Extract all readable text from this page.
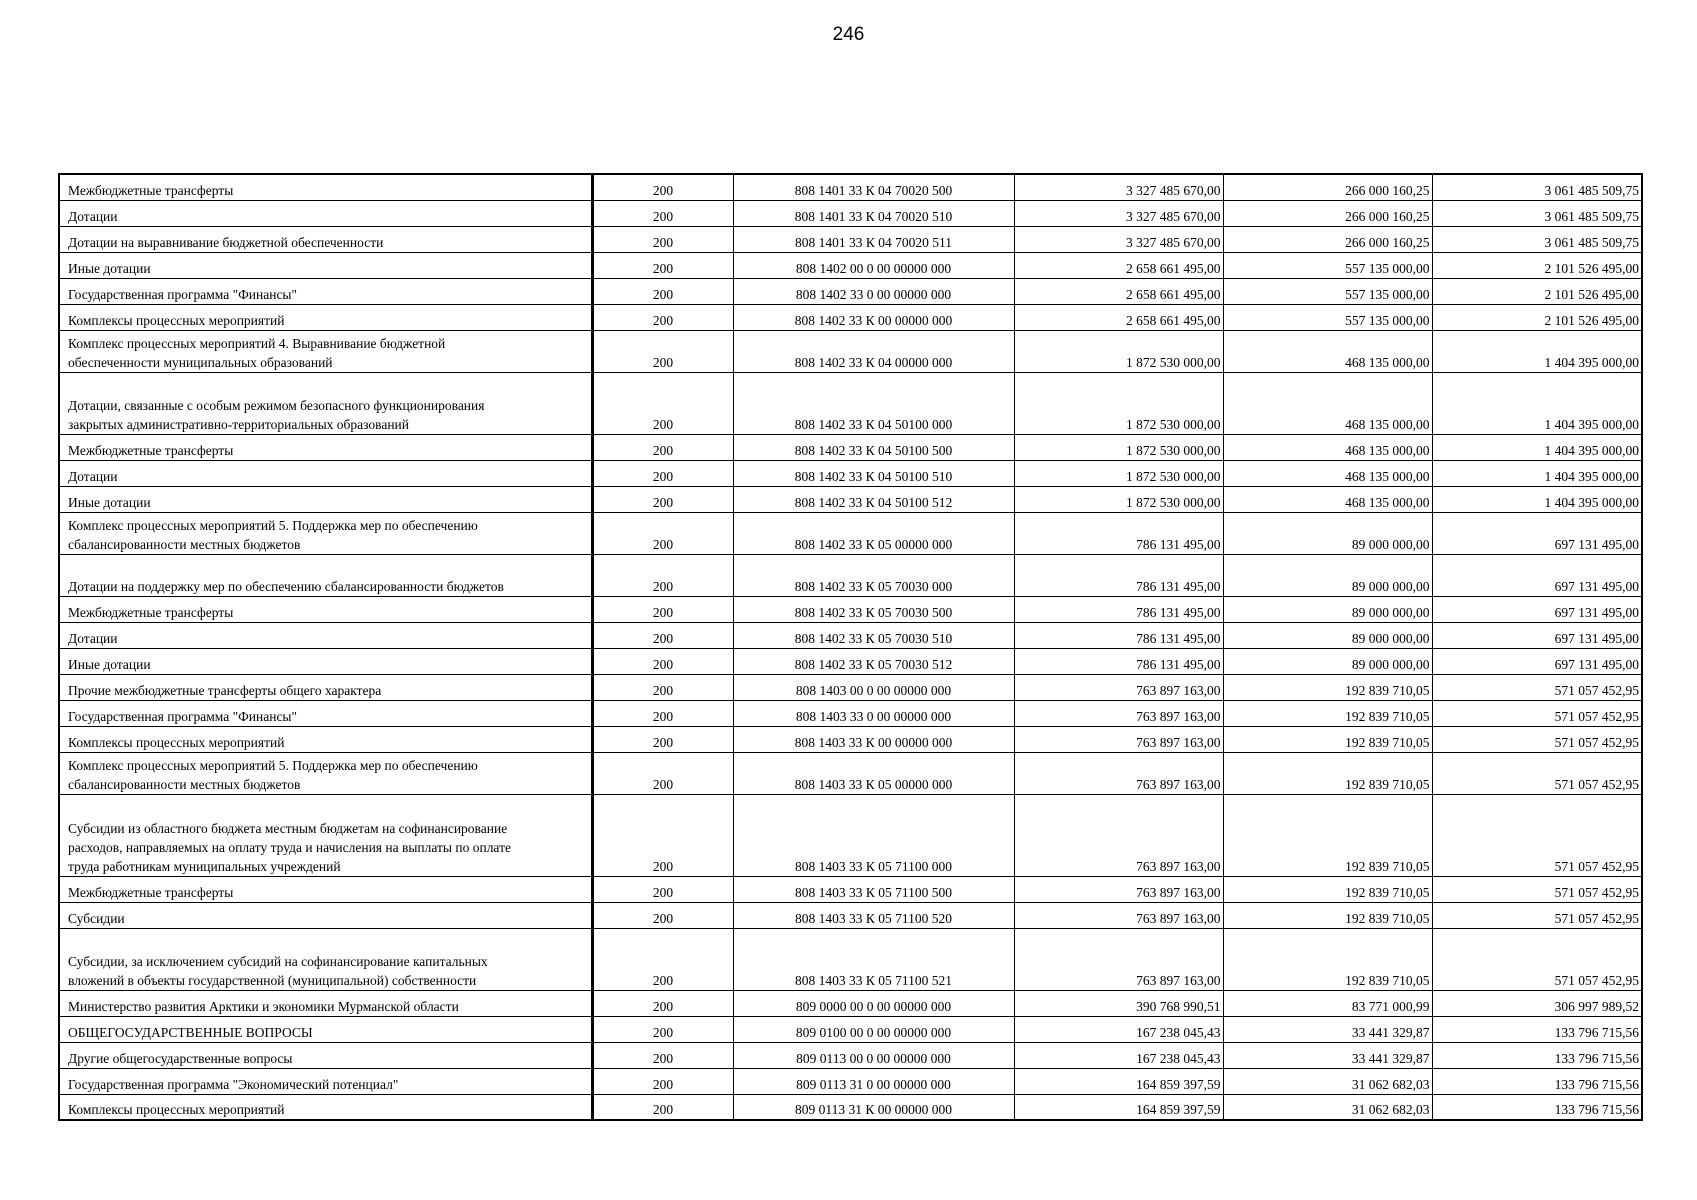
246
Межбюджетные трансферты	200	808 1401 33 К 04 70020 500	3 327 485 670,00	266 000 160,25	3 061 485 509,75

Дотации	200	808 1401 33 К 04 70020 510	3 327 485 670,00	266 000 160,25	3 061 485 509,75

Дотации на выравнивание бюджетной обеспеченности	200	808 1401 33 К 04 70020 511	3 327 485 670,00	266 000 160,25	3 061 485 509,75

Иные дотации	200	808 1402 00 0 00 00000 000	2 658 661 495,00	557 135 000,00	2 101 526 495,00

Государственная программа "Финансы"	200	808 1402 33 0 00 00000 000	2 658 661 495,00	557 135 000,00	2 101 526 495,00

Комплексы процессных мероприятий	200	808 1402 33 К 00 00000 000	2 658 661 495,00	557 135 000,00	2 101 526 495,00

Комплекс процессных мероприятий 4. Выравнивание бюджетной
обеспеченности муниципальных образований	200	808 1402 33 К 04 00000 000	1 872 530 000,00	468 135 000,00	1 404 395 000,00

Дотации, связанные с особым режимом безопасного функционирования
закрытых административно-территориальных образований	200	808 1402 33 К 04 50100 000	1 872 530 000,00	468 135 000,00	1 404 395 000,00

Межбюджетные трансферты	200	808 1402 33 К 04 50100 500	1 872 530 000,00	468 135 000,00	1 404 395 000,00

Дотации	200	808 1402 33 К 04 50100 510	1 872 530 000,00	468 135 000,00	1 404 395 000,00

Иные дотации	200	808 1402 33 К 04 50100 512	1 872 530 000,00	468 135 000,00	1 404 395 000,00

Комплекс процессных мероприятий 5. Поддержка мер по обеспечению
сбалансированности местных бюджетов	200	808 1402 33 К 05 00000 000	786 131 495,00	89 000 000,00	697 131 495,00

Дотации на поддержку мер по обеспечению сбалансированности бюджетов	200	808 1402 33 К 05 70030 000	786 131 495,00	89 000 000,00	697 131 495,00

Межбюджетные трансферты	200	808 1402 33 К 05 70030 500	786 131 495,00	89 000 000,00	697 131 495,00

Дотации	200	808 1402 33 К 05 70030 510	786 131 495,00	89 000 000,00	697 131 495,00

Иные дотации	200	808 1402 33 К 05 70030 512	786 131 495,00	89 000 000,00	697 131 495,00

Прочие межбюджетные трансферты общего характера	200	808 1403 00 0 00 00000 000	763 897 163,00	192 839 710,05	571 057 452,95

Государственная программа "Финансы"	200	808 1403 33 0 00 00000 000	763 897 163,00	192 839 710,05	571 057 452,95

Комплексы процессных мероприятий	200	808 1403 33 К 00 00000 000	763 897 163,00	192 839 710,05	571 057 452,95

Комплекс процессных мероприятий 5. Поддержка мер по обеспечению
сбалансированности местных бюджетов	200	808 1403 33 К 05 00000 000	763 897 163,00	192 839 710,05	571 057 452,95

Субсидии из областного бюджета местным бюджетам на софинансирование
расходов, направляемых на оплату труда и начисления на выплаты по оплате
труда работникам муниципальных учреждений	200	808 1403 33 К 05 71100 000	763 897 163,00	192 839 710,05	571 057 452,95

Межбюджетные трансферты	200	808 1403 33 К 05 71100 500	763 897 163,00	192 839 710,05	571 057 452,95

Субсидии	200	808 1403 33 К 05 71100 520	763 897 163,00	192 839 710,05	571 057 452,95

Субсидии, за исключением субсидий на софинансирование капитальных
вложений в объекты государственной (муниципальной) собственности	200	808 1403 33 К 05 71100 521	763 897 163,00	192 839 710,05	571 057 452,95

Министерство развития Арктики и экономики Мурманской области	200	809 0000 00 0 00 00000 000	390 768 990,51	83 771 000,99	306 997 989,52

ОБЩЕГОСУДАРСТВЕННЫЕ ВОПРОСЫ	200	809 0100 00 0 00 00000 000	167 238 045,43	33 441 329,87	133 796 715,56

Другие общегосударственные вопросы	200	809 0113 00 0 00 00000 000	167 238 045,43	33 441 329,87	133 796 715,56

Государственная программа "Экономический потенциал"	200	809 0113 31 0 00 00000 000	164 859 397,59	31 062 682,03	133 796 715,56

Комплексы процессных мероприятий	200	809 0113 31 К 00 00000 000	164 859 397,59	31 062 682,03	133 796 715,56
